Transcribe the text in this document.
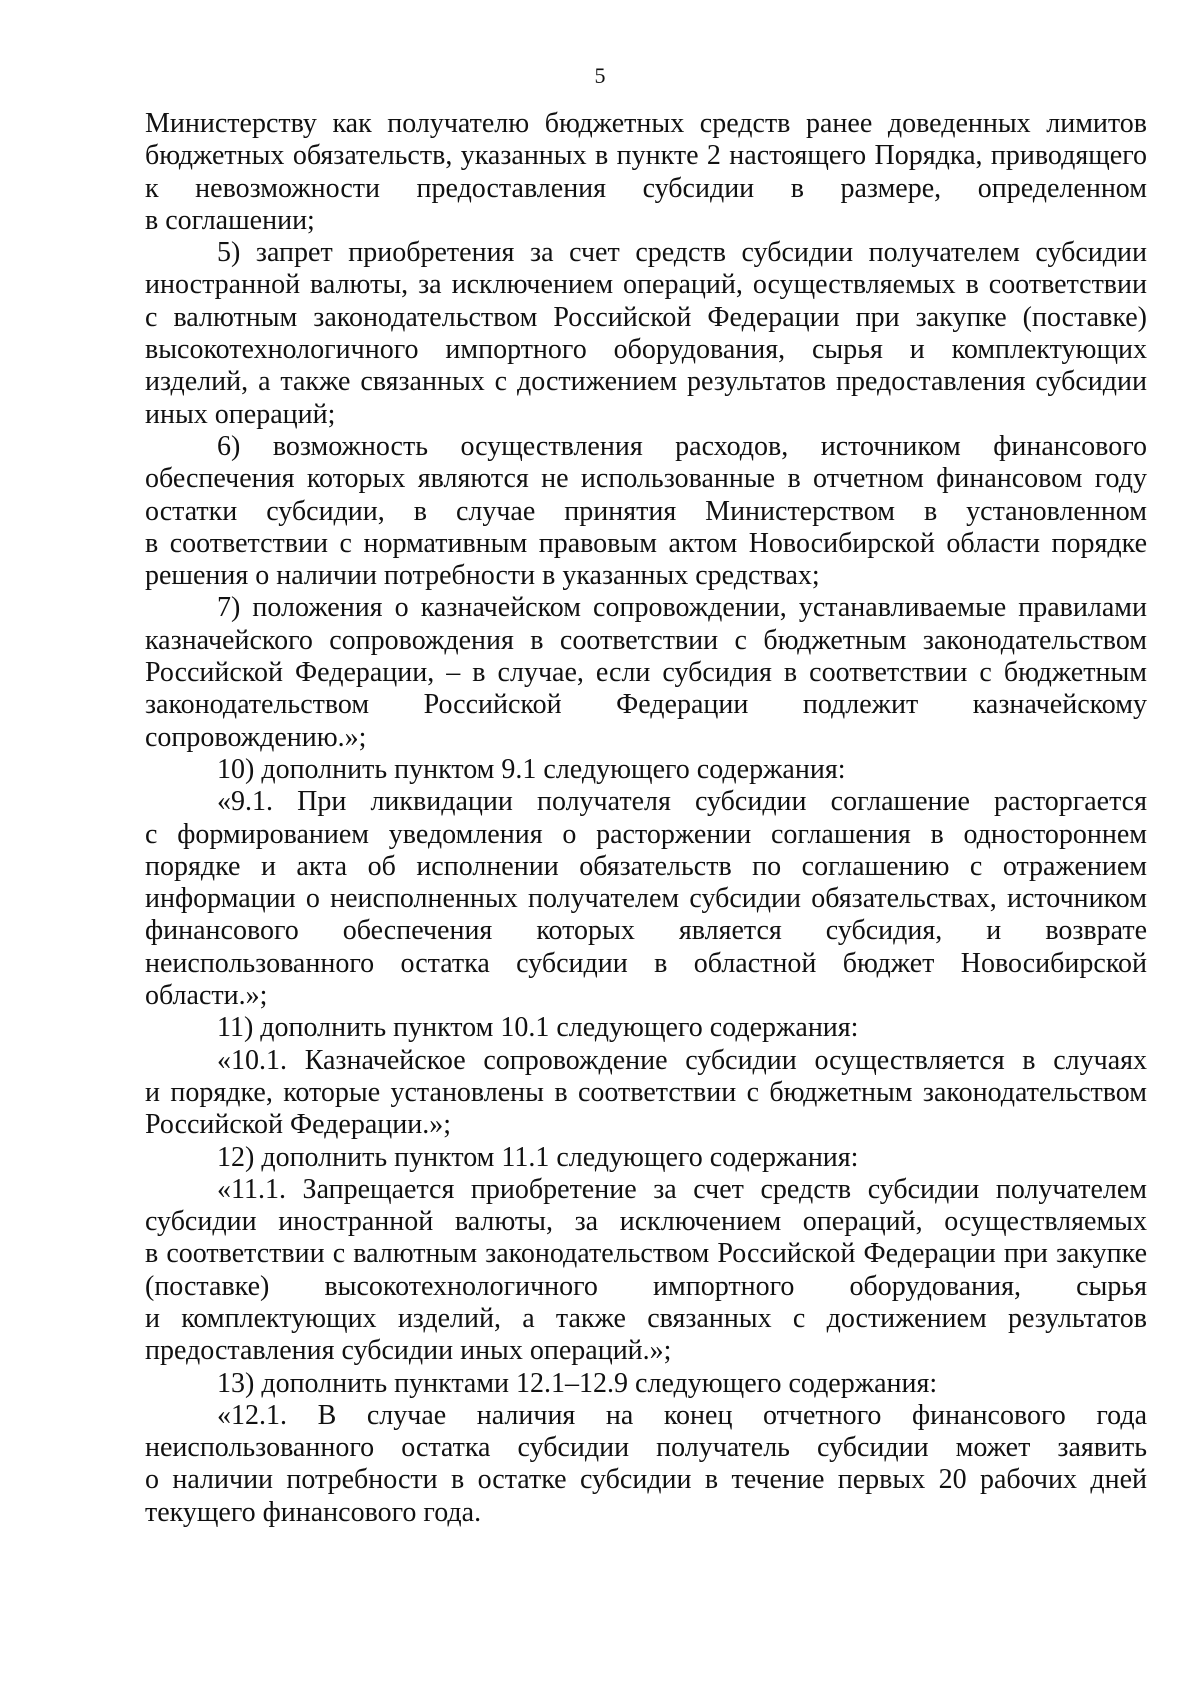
5
Министерству как получателю бюджетных средств ранее доведенных лимитов
бюджетных обязательств, указанных в пункте 2 настоящего Порядка, приводящего
к невозможности предоставления субсидии в размере, определенном
в соглашении;
5) запрет приобретения за счет средств субсидии получателем субсидии
иностранной валюты, за исключением операций, осуществляемых в соответствии
с валютным законодательством Российской Федерации при закупке (поставке)
высокотехнологичного импортного оборудования, сырья и комплектующих
изделий, а также связанных с достижением результатов предоставления субсидии
иных операций;
6) возможность осуществления расходов, источником финансового
обеспечения которых являются не использованные в отчетном финансовом году
остатки субсидии, в случае принятия Министерством в установленном
в соответствии с нормативным правовым актом Новосибирской области порядке
решения о наличии потребности в указанных средствах;
7) положения о казначейском сопровождении, устанавливаемые правилами
казначейского сопровождения в соответствии с бюджетным законодательством
Российской Федерации, – в случае, если субсидия в соответствии с бюджетным
законодательством Российской Федерации подлежит казначейскому
сопровождению.»;
10) дополнить пунктом 9.1 следующего содержания:
«9.1. При ликвидации получателя субсидии соглашение расторгается
с формированием уведомления о расторжении соглашения в одностороннем
порядке и акта об исполнении обязательств по соглашению с отражением
информации о неисполненных получателем субсидии обязательствах, источником
финансового обеспечения которых является субсидия, и возврате
неиспользованного остатка субсидии в областной бюджет Новосибирской
области.»;
11) дополнить пунктом 10.1 следующего содержания:
«10.1. Казначейское сопровождение субсидии осуществляется в случаях
и порядке, которые установлены в соответствии с бюджетным законодательством
Российской Федерации.»;
12) дополнить пунктом 11.1 следующего содержания:
«11.1. Запрещается приобретение за счет средств субсидии получателем
субсидии иностранной валюты, за исключением операций, осуществляемых
в соответствии с валютным законодательством Российской Федерации при закупке
(поставке) высокотехнологичного импортного оборудования, сырья
и комплектующих изделий, а также связанных с достижением результатов
предоставления субсидии иных операций.»;
13) дополнить пунктами 12.1–12.9 следующего содержания:
«12.1. В случае наличия на конец отчетного финансового года
неиспользованного остатка субсидии получатель субсидии может заявить
о наличии потребности в остатке субсидии в течение первых 20 рабочих дней
текущего финансового года.
